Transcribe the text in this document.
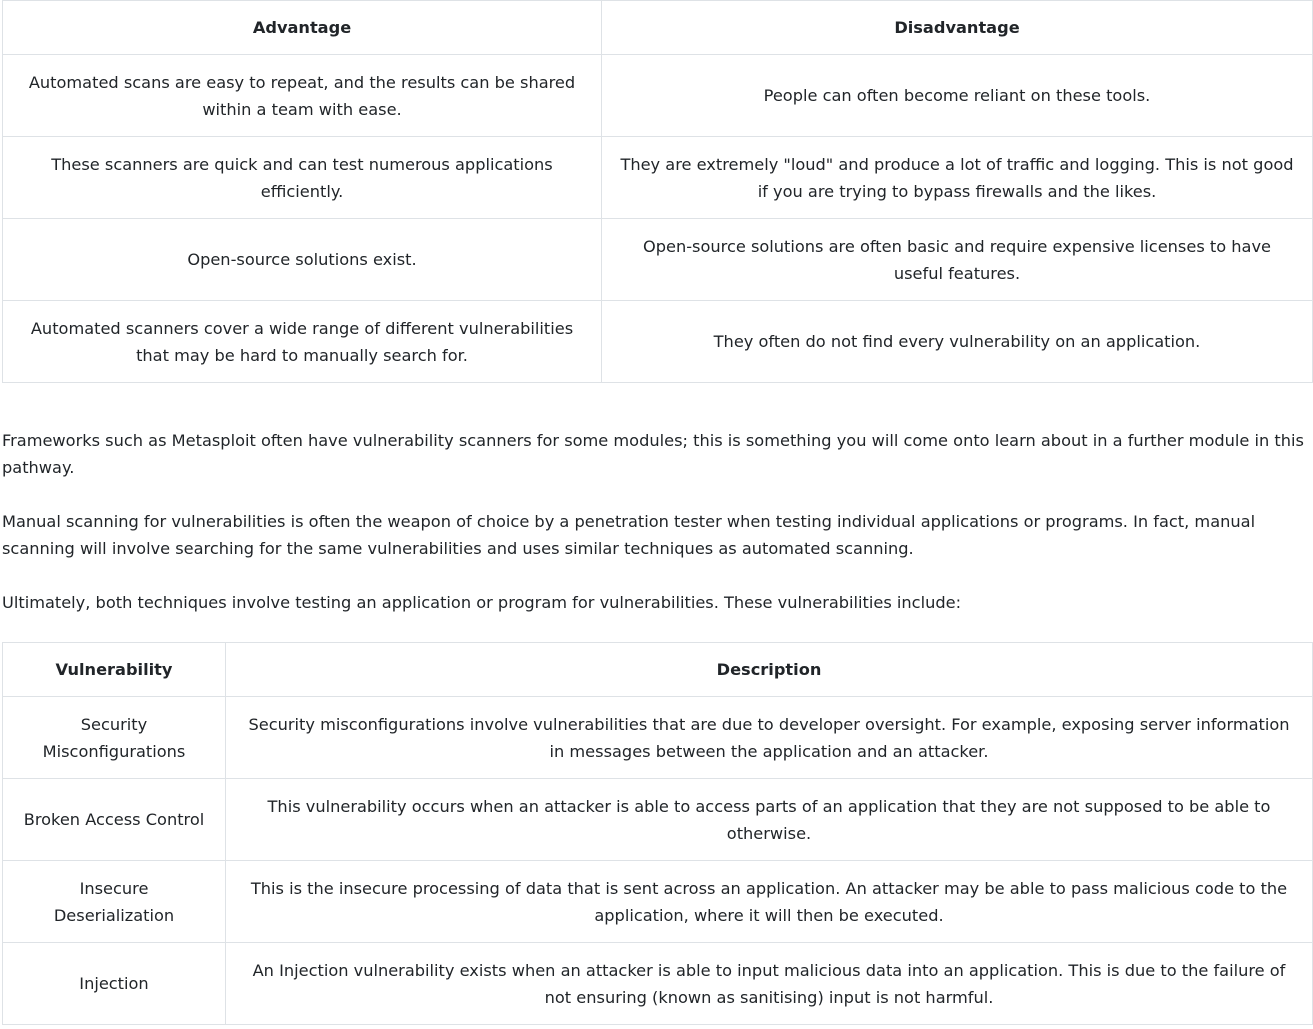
Advantage	Disadvantage
Automated scans are easy to repeat, and the results can be shared within a team with ease.	People can often become reliant on these tools.
These scanners are quick and can test numerous applications efficiently.	They are extremely "loud" and produce a lot of traffic and logging. This is not good if you are trying to bypass firewalls and the likes.
Open-source solutions exist.	Open-source solutions are often basic and require expensive licenses to have useful features.
Automated scanners cover a wide range of different vulnerabilities that may be hard to manually search for.	They often do not find every vulnerability on an application.

Frameworks such as Metasploit often have vulnerability scanners for some modules; this is something you will come onto learn about in a further module in this pathway.

Manual scanning for vulnerabilities is often the weapon of choice by a penetration tester when testing individual applications or programs. In fact, manual scanning will involve searching for the same vulnerabilities and uses similar techniques as automated scanning.

Ultimately, both techniques involve testing an application or program for vulnerabilities. These vulnerabilities include:

Vulnerability	Description
Security Misconfigurations	Security misconfigurations involve vulnerabilities that are due to developer oversight. For example, exposing server information in messages between the application and an attacker.
Broken Access Control	This vulnerability occurs when an attacker is able to access parts of an application that they are not supposed to be able to otherwise.
Insecure Deserialization	This is the insecure processing of data that is sent across an application. An attacker may be able to pass malicious code to the application, where it will then be executed.
Injection	An Injection vulnerability exists when an attacker is able to input malicious data into an application. This is due to the failure of not ensuring (known as sanitising) input is not harmful.
